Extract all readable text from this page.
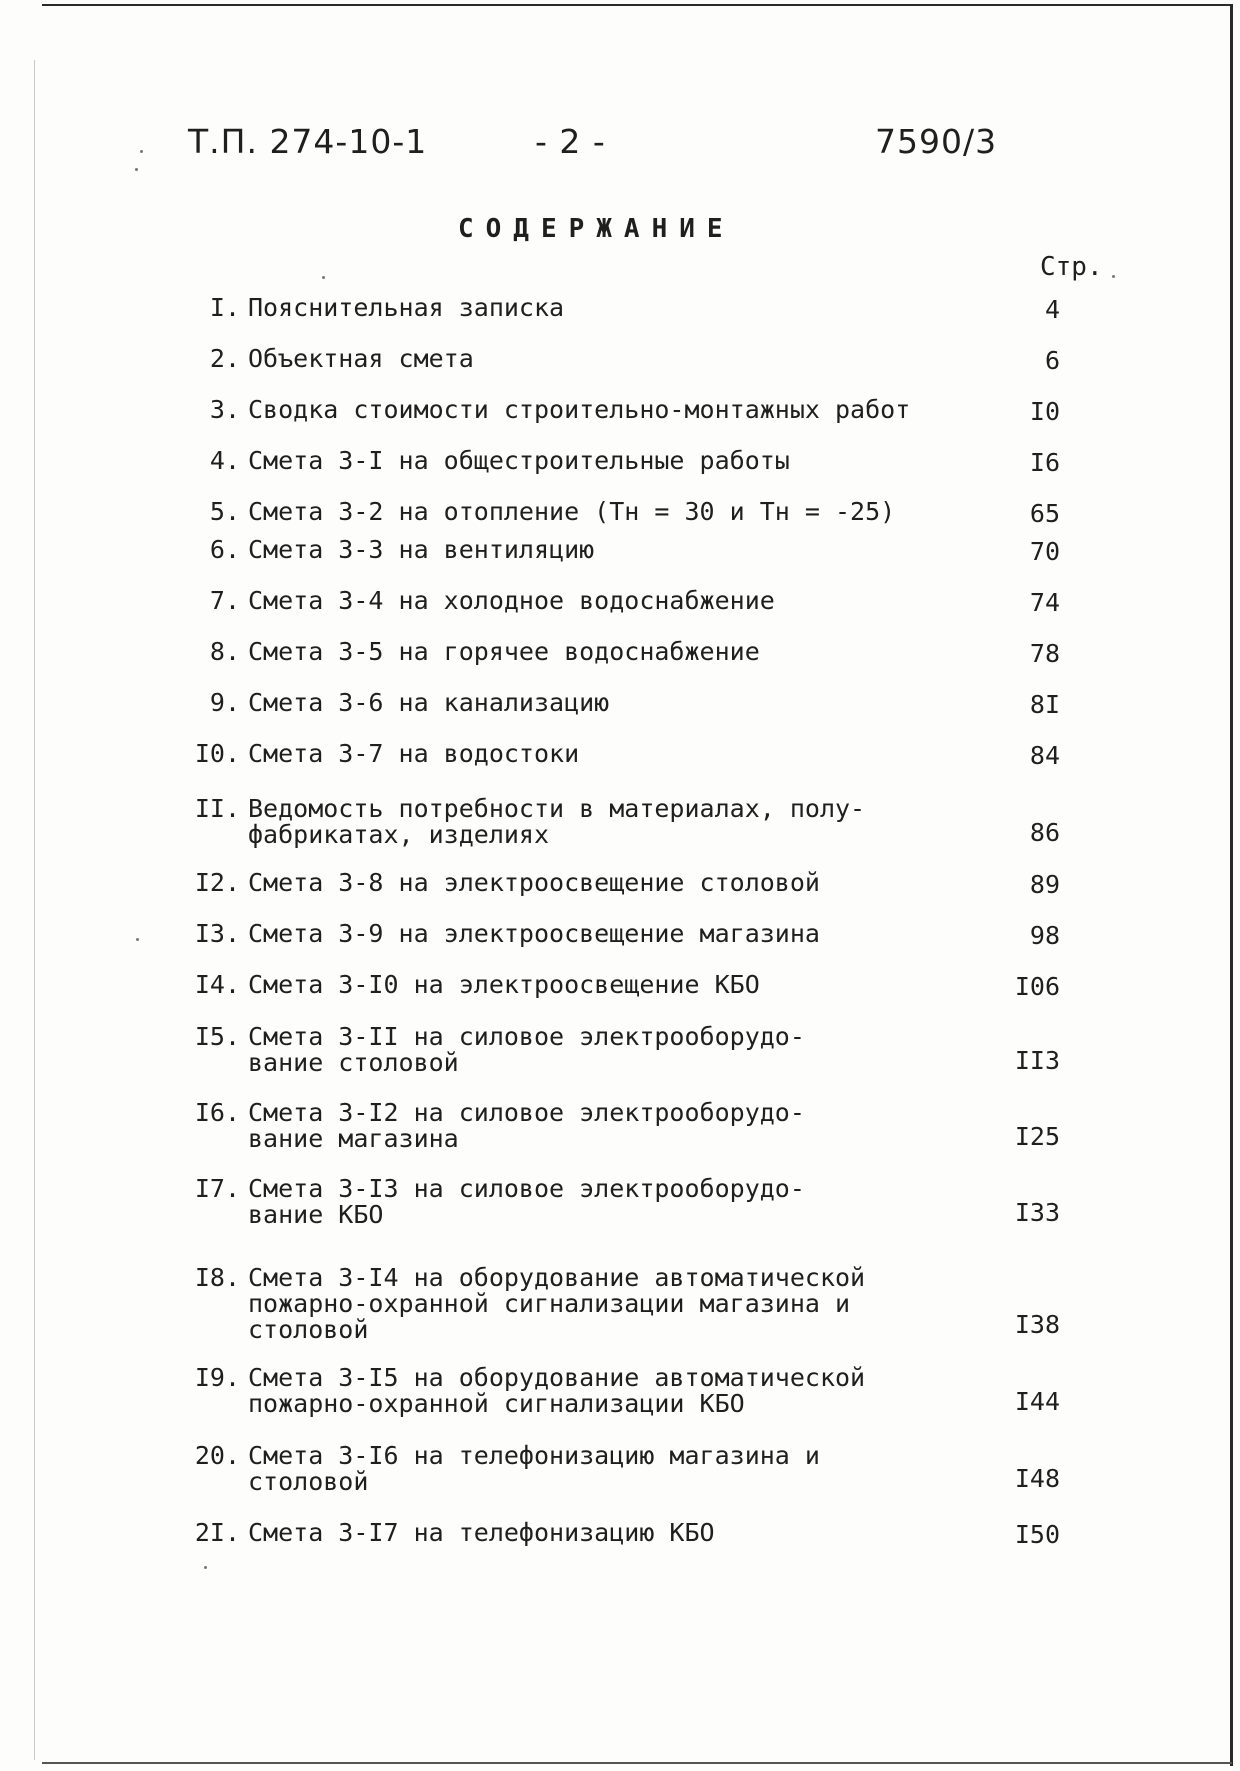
Т.П. 274-10-1	- 2 -	7590/3
СОДЕРЖАНИЕ
Стр.
I. Пояснительная записка	4
2. Объектная смета	6
3. Сводка стоимости строительно-монтажных работ	I0
4. Смета 3-I на общестроительные работы	I6
5. Смета 3-2 на отопление (Тн = 30 и Тн = -25)	65
6. Смета 3-3 на вентиляцию	70
7. Смета 3-4 на холодное водоснабжение	74
8. Смета 3-5 на горячее водоснабжение	78
9. Смета 3-6 на канализацию	8I
I0. Смета 3-7 на водостоки	84
II. Ведомость потребности в материалах, полу-
фабрикатах, изделиях	86
I2. Смета 3-8 на электроосвещение столовой	89
I3. Смета 3-9 на электроосвещение магазина	98
I4. Смета 3-I0 на электроосвещение КБО	I06
I5. Смета 3-II на силовое электрооборудо-
вание столовой	II3
I6. Смета 3-I2 на силовое электрооборудо-
вание магазина	I25
I7. Смета 3-I3 на силовое электрооборудо-
вание КБО	I33
I8. Смета 3-I4 на оборудование автоматической
пожарно-охранной сигнализации магазина и
столовой	I38
I9. Смета 3-I5 на оборудование автоматической
пожарно-охранной сигнализации КБО	I44
20. Смета 3-I6 на телефонизацию магазина и
столовой	I48
2I. Смета 3-I7 на телефонизацию КБО	I50
